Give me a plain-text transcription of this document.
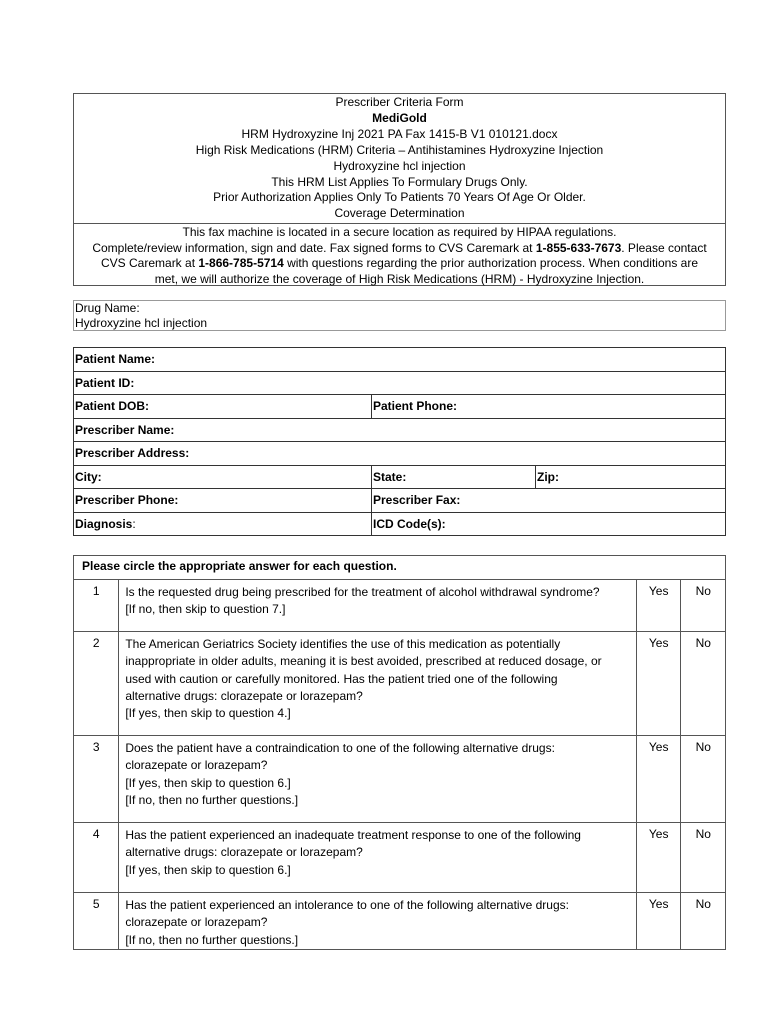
Prescriber Criteria Form
MediGold
HRM Hydroxyzine Inj 2021 PA Fax 1415-B V1 010121.docx
High Risk Medications (HRM) Criteria – Antihistamines Hydroxyzine Injection
Hydroxyzine hcl injection
This HRM List Applies To Formulary Drugs Only.
Prior Authorization Applies Only To Patients 70 Years Of Age Or Older.
Coverage Determination

This fax machine is located in a secure location as required by HIPAA regulations.

Complete/review information, sign and date. Fax signed forms to CVS Caremark at 1-855-633-7673. Please contact

CVS Caremark at 1-866-785-5714 with questions regarding the prior authorization process. When conditions are

met, we will authorize the coverage of High Risk Medications (HRM) - Hydroxyzine Injection.

Drug Name:
Hydroxyzine hcl injection
Patient Name:		
Patient ID:		
Patient DOB:	Patient Phone:	
Prescriber Name:		
Prescriber Address:		
City:	State:	Zip:
Prescriber Phone:	Prescriber Fax:	
Diagnosis:	ICD Code(s):	
Please circle the appropriate answer for each question.			
1	Is the requested drug being prescribed for the treatment of alcohol withdrawal syndrome?
[If no, then skip to question 7.]	Yes	No
2	The American Geriatrics Society identifies the use of this medication as potentially
inappropriate in older adults, meaning it is best avoided, prescribed at reduced dosage, or
used with caution or carefully monitored. Has the patient tried one of the following
alternative drugs: clorazepate or lorazepam?
[If yes, then skip to question 4.]	Yes	No
3	Does the patient have a contraindication to one of the following alternative drugs:
clorazepate or lorazepam?
[If yes, then skip to question 6.]
[If no, then no further questions.]	Yes	No
4	Has the patient experienced an inadequate treatment response to one of the following
alternative drugs: clorazepate or lorazepam?
[If yes, then skip to question 6.]	Yes	No
5	Has the patient experienced an intolerance to one of the following alternative drugs:
clorazepate or lorazepam?
[If no, then no further questions.]	Yes	No
